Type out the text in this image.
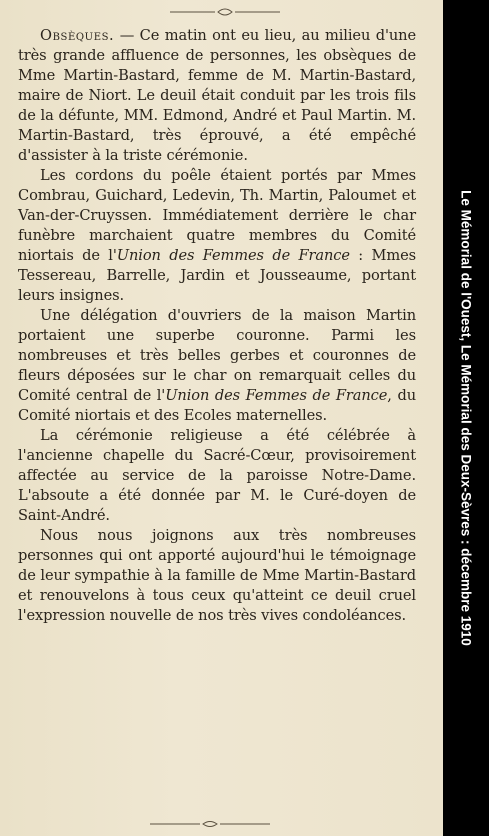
Obsèques. — Ce matin ont eu lieu, au milieu d'une très grande affluence de personnes, les obsèques de Mme Martin-Bastard, femme de M. Martin-Bastard, maire de Niort. Le deuil était conduit par les trois fils de la défunte, MM. Edmond, André et Paul Martin. M. Martin-Bastard, très éprouvé, a été empêché d'assister à la triste cérémonie.

Les cordons du poêle étaient portés par Mmes Combrau, Guichard, Ledevin, Th. Martin, Paloumet et Van-der-Cruyssen. Immédiatement derrière le char funèbre marchaient quatre membres du Comité niortais de l'Union des Femmes de France : Mmes Tessereau, Barrelle, Jardin et Jousseaume, portant leurs insignes.

Une délégation d'ouvriers de la maison Martin portaient une superbe couronne. Parmi les nombreuses et très belles gerbes et couronnes de fleurs déposées sur le char on remarquait celles du Comité central de l'Union des Femmes de France, du Comité niortais et des Ecoles maternelles.

La cérémonie religieuse a été célébrée à l'ancienne chapelle du Sacré-Cœur, provisoirement affectée au service de la paroisse Notre-Dame. L'absoute a été donnée par M. le Curé-doyen de Saint-André.

Nous nous joignons aux très nombreuses personnes qui ont apporté aujourd'hui le témoignage de leur sympathie à la famille de Mme Martin-Bastard et renouvelons à tous ceux qu'atteint ce deuil cruel l'expression nouvelle de nos très vives condoléances.	Le Mémorial de l'Ouest, Le Mémorial des Deux-Sèvres : décembre 1910
